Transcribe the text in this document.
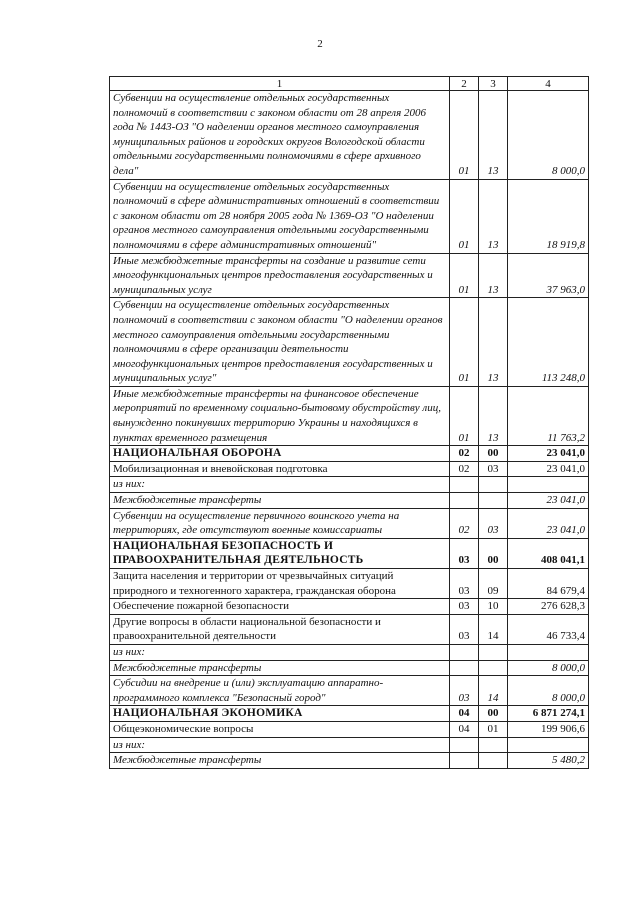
2
1	2	3	4
Субвенции на осуществление отдельных государственных полномочий в соответствии с законом области от 28 апреля 2006 года № 1443-ОЗ "О наделении органов местного самоуправления муниципальных районов и городских округов Вологодской области отдельными государственными полномочиями в сфере архивного дела"	01	13	8 000,0
Субвенции на осуществление отдельных государственных полномочий в сфере административных отношений в соответствии с законом области от 28 ноября 2005 года № 1369-ОЗ "О наделении органов местного самоуправления отдельными государственными полномочиями в сфере административных отношений"	01	13	18 919,8
Иные межбюджетные трансферты на создание и развитие сети многофункциональных центров предоставления государственных и муниципальных услуг	01	13	37 963,0
Субвенции на осуществление отдельных государственных полномочий в соответствии с законом области "О наделении органов местного самоуправления отдельными государственными полномочиями в сфере организации деятельности многофункциональных центров предоставления государственных и муниципальных услуг"	01	13	113 248,0
Иные межбюджетные трансферты на финансовое обеспечение мероприятий по временному социально-бытовому обустройству лиц, вынужденно покинувших территорию Украины и находящихся в пунктах временного размещения	01	13	11 763,2
НАЦИОНАЛЬНАЯ ОБОРОНА	02	00	23 041,0
Мобилизационная и вневойсковая подготовка	02	03	23 041,0
из них:			
Межбюджетные трансферты			23 041,0
Субвенции на осуществление первичного воинского учета на территориях, где отсутствуют военные комиссариаты	02	03	23 041,0
НАЦИОНАЛЬНАЯ БЕЗОПАСНОСТЬ И ПРАВООХРАНИТЕЛЬНАЯ ДЕЯТЕЛЬНОСТЬ	03	00	408 041,1
Защита населения и территории от чрезвычайных ситуаций природного и техногенного характера, гражданская оборона	03	09	84 679,4
Обеспечение пожарной безопасности	03	10	276 628,3
Другие вопросы в области национальной безопасности и правоохранительной деятельности	03	14	46 733,4
из них:			
Межбюджетные трансферты			8 000,0
Субсидии на внедрение и (или) эксплуатацию аппаратно-программного комплекса "Безопасный город"	03	14	8 000,0
НАЦИОНАЛЬНАЯ ЭКОНОМИКА	04	00	6 871 274,1
Общеэкономические вопросы	04	01	199 906,6
из них:			
Межбюджетные трансферты			5 480,2
